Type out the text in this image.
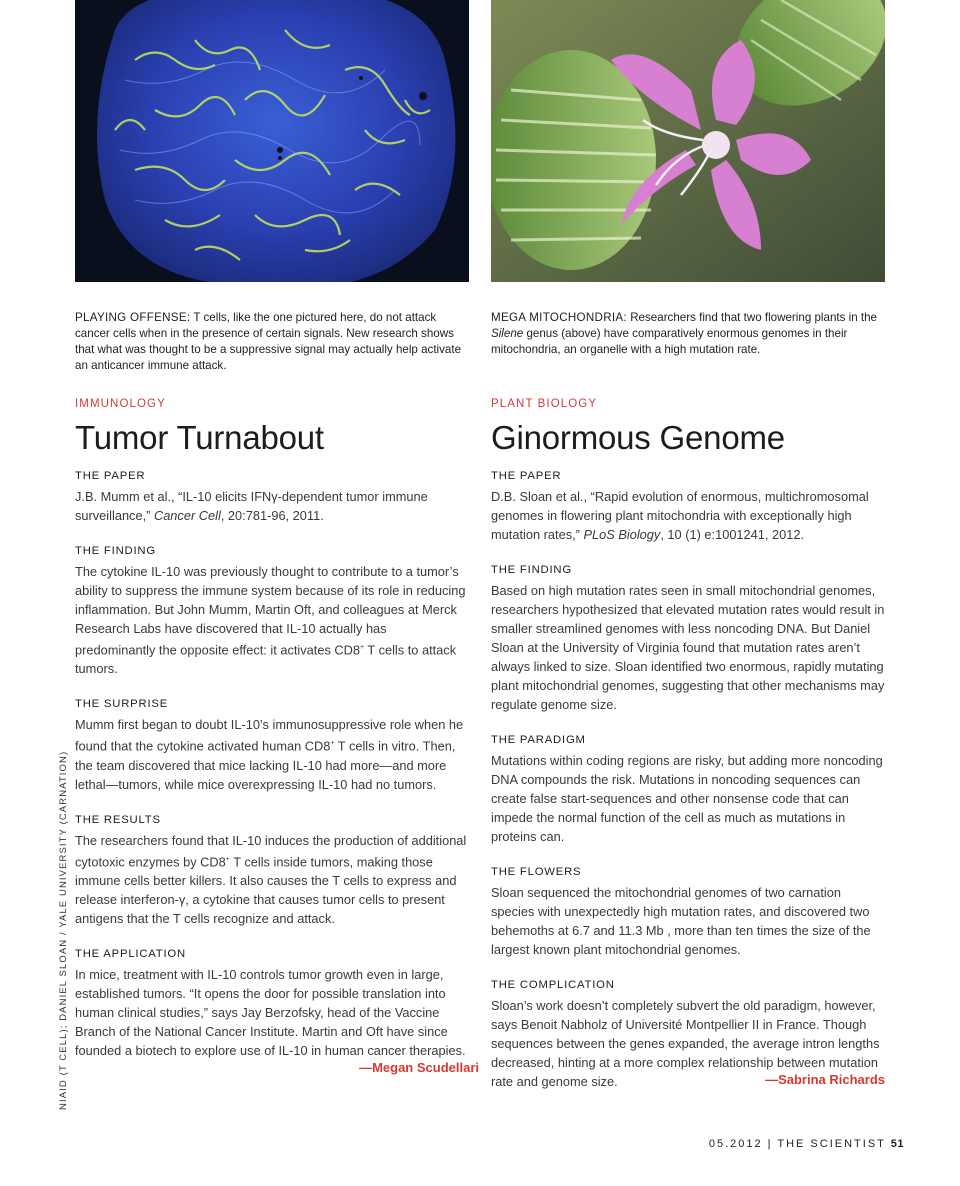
PLAYING OFFENSE: T cells, like the one pictured here, do not attack cancer cells when in the presence of certain signals. New research shows that what was thought to be a suppressive signal may actually help activate an anticancer immune attack.

IMMUNOLOGY
Tumor Turnabout
THE PAPER

J.B. Mumm et al., “IL-10 elicits IFNγ-dependent tumor immune surveillance,” Cancer Cell, 20:781-96, 2011.

THE FINDING

The cytokine IL-10 was previously thought to contribute to a tumor’s ability to suppress the immune system because of its role in reducing inflammation. But John Mumm, Martin Oft, and colleagues at Merck Research Labs have discovered that IL-10 actually has predominantly the opposite effect: it activates CD8+ T cells to attack tumors.

THE SURPRISE

Mumm first began to doubt IL-10’s immunosuppressive role when he found that the cytokine activated human CD8+ T cells in vitro. Then, the team discovered that mice lacking IL-10 had more—and more lethal—tumors, while mice overexpressing IL-10 had no tumors.

THE RESULTS

The researchers found that IL-10 induces the production of additional cytotoxic enzymes by CD8+ T cells inside tumors, making those immune cells better killers. It also causes the T cells to express and release interferon-γ, a cytokine that causes tumor cells to present antigens that the T cells recognize and attack.

THE APPLICATION

In mice, treatment with IL-10 controls tumor growth even in large, established tumors. “It opens the door for possible translation into human clinical studies,” says Jay Berzofsky, head of the Vaccine Branch of the National Cancer Institute. Martin and Oft have since founded a biotech to explore use of IL-10 in human cancer therapies.

—Megan Scudellari

MEGA MITOCHONDRIA: Researchers find that two flowering plants in the Silene genus (above) have comparatively enormous genomes in their mitochondria, an organelle with a high mutation rate.

PLANT BIOLOGY
Ginormous Genome
THE PAPER

D.B. Sloan et al., “Rapid evolution of enormous, multichromosomal genomes in flowering plant mitochondria with exceptionally high mutation rates,” PLoS Biology, 10 (1) e:1001241, 2012.

THE FINDING

Based on high mutation rates seen in small mitochondrial genomes, researchers hypothesized that elevated mutation rates would result in smaller streamlined genomes with less noncoding DNA. But Daniel Sloan at the University of Virginia found that mutation rates aren’t always linked to size. Sloan identified two enormous, rapidly mutating plant mitochondrial genomes, suggesting that other mechanisms may regulate genome size.

THE PARADIGM

Mutations within coding regions are risky, but adding more noncoding DNA compounds the risk. Mutations in noncoding sequences can create false start-sequences and other nonsense code that can impede the normal function of the cell as much as mutations in proteins can.

THE FLOWERS

Sloan sequenced the mitochondrial genomes of two carnation species with unexpectedly high mutation rates, and discovered two behemoths at 6.7 and 11.3 Mb , more than ten times the size of the largest known plant mitochondrial genomes.

THE COMPLICATION

Sloan’s work doesn’t completely subvert the old paradigm, however, says Benoit Nabholz of Université Montpellier II in France. Though sequences between the genes expanded, the average intron lengths decreased, hinting at a more complex relationship between mutation rate and genome size.	—Sabrina Richards
NIAID (T CELL); DANIEL SLOAN / YALE UNIVERSITY (CARNATION)
05.2012 | THE SCIENTIST 51
